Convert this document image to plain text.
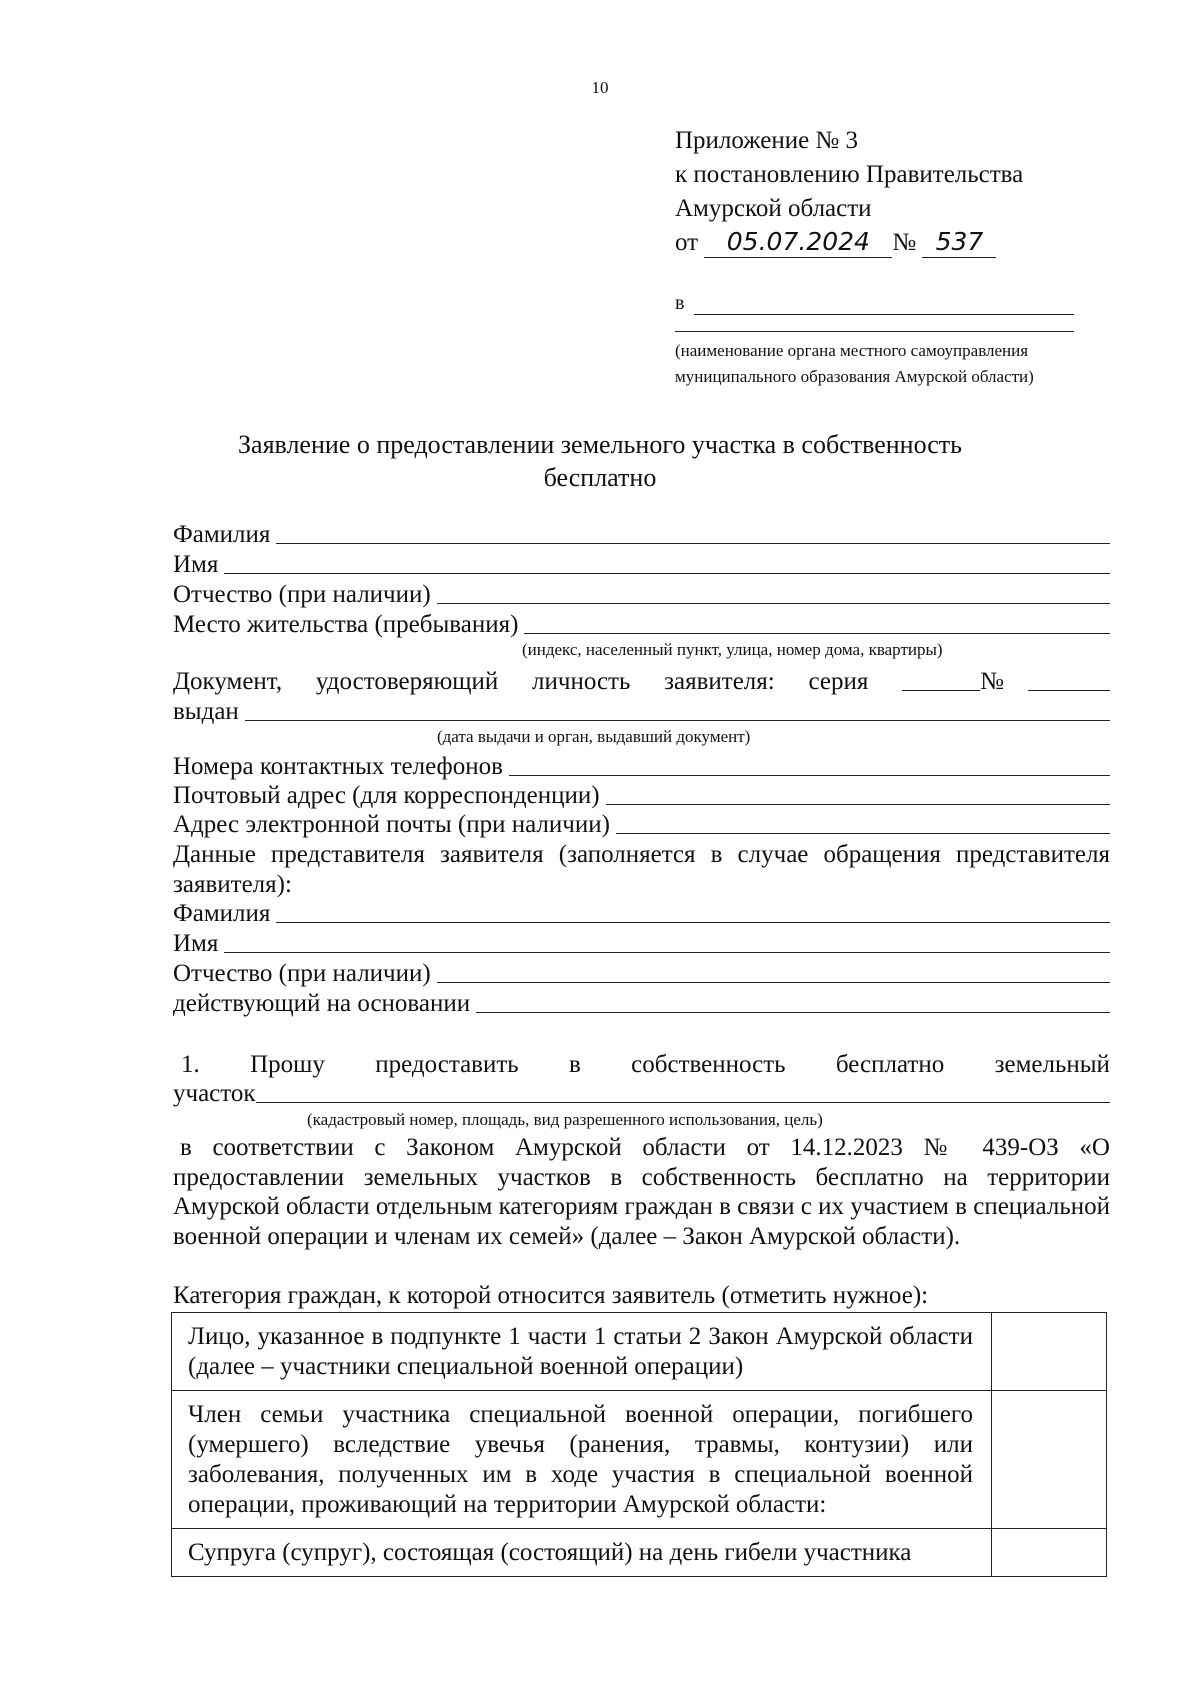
10
Приложение № 3
к постановлению Правительства
Амурской области
от 05.07.2024 № 537
в
(наименование органа местного самоуправления
муниципального образования Амурской области)
Заявление о предоставлении земельного участка в собственность
бесплатно
Фамилия
Имя
Отчество (при наличии)
Место жительства (пребывания)
(индекс, населенный пункт, улица, номер дома, квартиры)
Документ, удостоверяющий личность заявителя: серия	№
выдан
(дата выдачи и орган, выдавший документ)
Номера контактных телефонов
Почтовый адрес (для корреспонденции)
Адрес электронной почты (при наличии)
Данные представителя заявителя (заполняется в случае обращения представителя заявителя):
Фамилия
Имя
Отчество (при наличии)
действующий на основании
1. Прошу предоставить в собственность бесплатно земельный
участок
(кадастровый номер, площадь, вид разрешенного использования, цель)
в соответствии с Законом Амурской области от 14.12.2023 № 439-ОЗ «О предоставлении земельных участков в собственность бесплатно на территории Амурской области отдельным категориям граждан в связи с их участием в специальной военной операции и членам их семей» (далее – Закон Амурской области).
Категория граждан, к которой относится заявитель (отметить нужное):
Лицо, указанное в подпункте 1 части 1 статьи 2 Закон Амурской области (далее – участники специальной военной операции)	
Член семьи участника специальной военной операции, погибшего (умершего) вследствие увечья (ранения, травмы, контузии) или заболевания, полученных им в ходе участия в специальной военной операции, проживающий на территории Амурской области:	
Супруга (супруг), состоящая (состоящий) на день гибели участника	
